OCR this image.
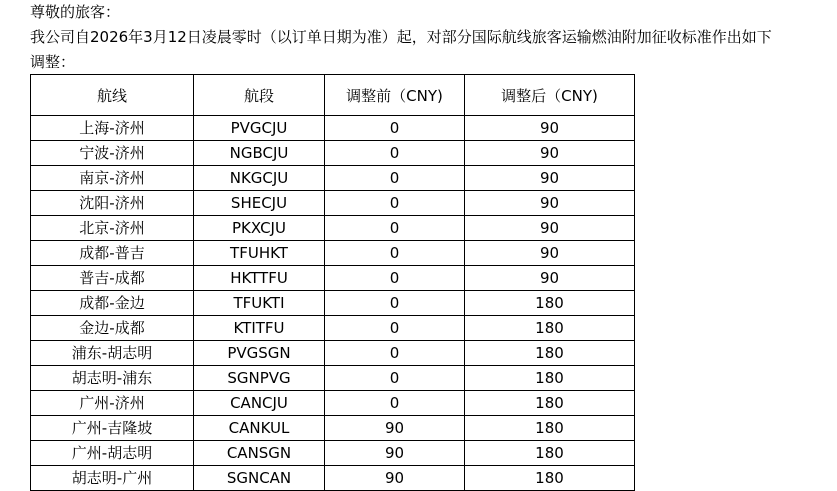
尊敬的旅客：

我公司自2026年3月12日凌晨零时（以订单日期为准）起，对部分国际航线旅客运输燃油附加征收标准作出如下

调整：

航线	航段	调整前（CNY)	调整后（CNY)
上海-济州	PVGCJU	0	90
宁波-济州	NGBCJU	0	90
南京-济州	NKGCJU	0	90
沈阳-济州	SHECJU	0	90
北京-济州	PKXCJU	0	90
成都-普吉	TFUHKT	0	90
普吉-成都	HKTTFU	0	90
成都-金边	TFUKTI	0	180
金边-成都	KTITFU	0	180
浦东-胡志明	PVGSGN	0	180
胡志明-浦东	SGNPVG	0	180
广州-济州	CANCJU	0	180
广州-吉隆坡	CANKUL	90	180
广州-胡志明	CANSGN	90	180
胡志明-广州	SGNCAN	90	180
